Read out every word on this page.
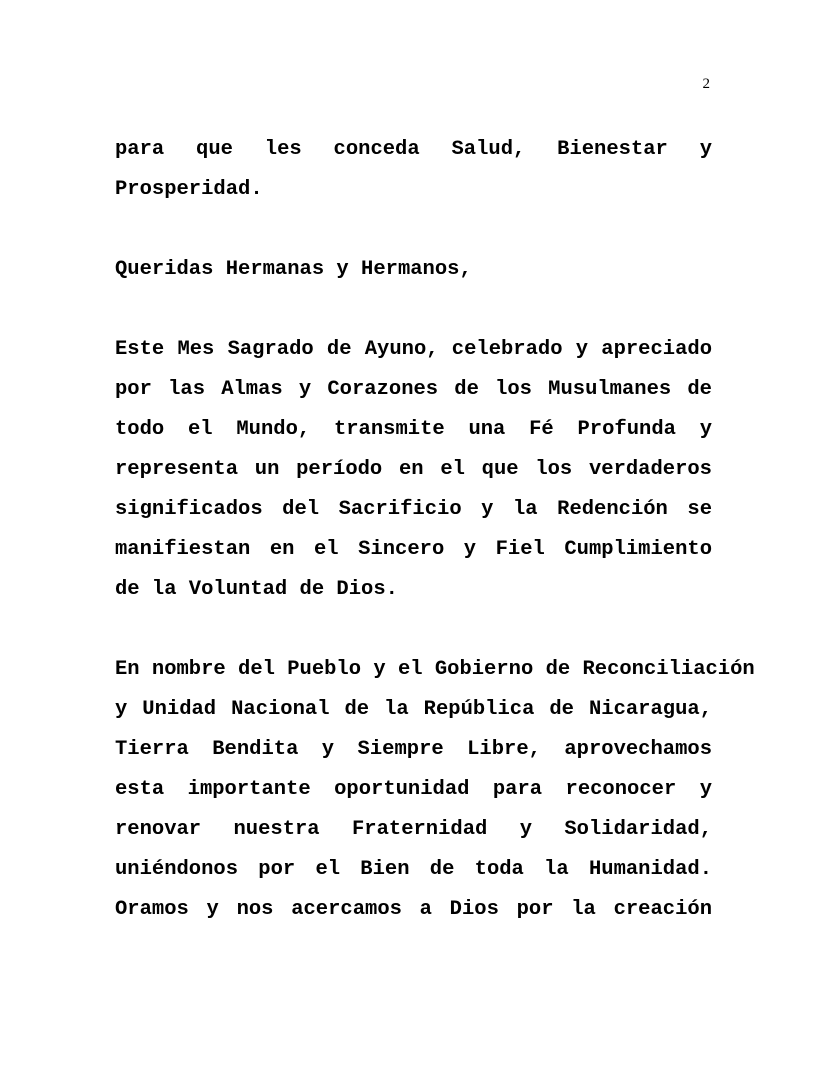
2
para que les conceda Salud, Bienestar y
Prosperidad.
Queridas Hermanas y Hermanos,
Este Mes Sagrado de Ayuno, celebrado y apreciado
por las Almas y Corazones de los Musulmanes de
todo el Mundo, transmite una Fé Profunda y
representa un período en el que los verdaderos
significados del Sacrificio y la Redención se
manifiestan en el Sincero y Fiel Cumplimiento
de la Voluntad de Dios.
En nombre del Pueblo y el Gobierno de Reconciliación
y Unidad Nacional de la República de Nicaragua,
Tierra Bendita y Siempre Libre, aprovechamos
esta importante oportunidad para reconocer y
renovar nuestra Fraternidad y Solidaridad,
uniéndonos por el Bien de toda la Humanidad.
Oramos y nos acercamos a Dios por la creación
